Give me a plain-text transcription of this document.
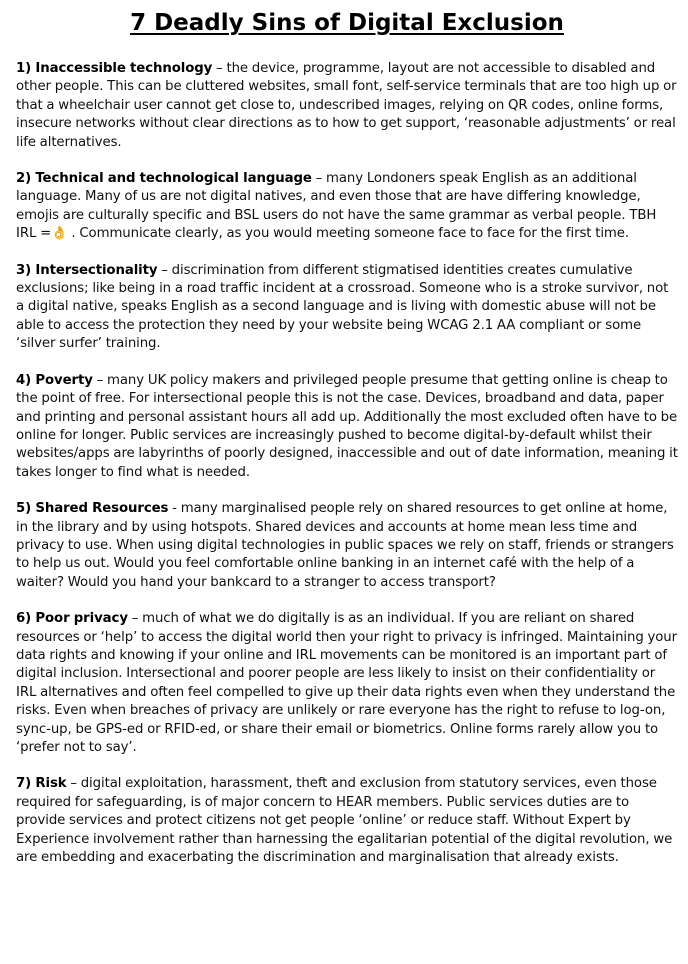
7 Deadly Sins of Digital Exclusion

1) Inaccessible technology – the device, programme, layout are not accessible to disabled and other people. This can be cluttered websites, small font, self-service terminals that are too high up or that a wheelchair user cannot get close to, undescribed images, relying on QR codes, online forms, insecure networks without clear directions as to how to get support, ‘reasonable adjustments’ or real life alternatives.

2) Technical and technological language – many Londoners speak English as an additional language. Many of us are not digital natives, and even those that are have differing knowledge, emojis are culturally specific and BSL users do not have the same grammar as verbal people. TBH IRL =👌 . Communicate clearly, as you would meeting someone face to face for the first time.

3) Intersectionality – discrimination from different stigmatised identities creates cumulative exclusions; like being in a road traffic incident at a crossroad. Someone who is a stroke survivor, not a digital native, speaks English as a second language and is living with domestic abuse will not be able to access the protection they need by your website being WCAG 2.1 AA compliant or some ‘silver surfer’ training.

4) Poverty – many UK policy makers and privileged people presume that getting online is cheap to the point of free. For intersectional people this is not the case. Devices, broadband and data, paper and printing and personal assistant hours all add up. Additionally the most excluded often have to be online for longer. Public services are increasingly pushed to become digital-by-default whilst their websites/apps are labyrinths of poorly designed, inaccessible and out of date information, meaning it takes longer to find what is needed.

5) Shared Resources - many marginalised people rely on shared resources to get online at home, in the library and by using hotspots. Shared devices and accounts at home mean less time and privacy to use. When using digital technologies in public spaces we rely on staff, friends or strangers to help us out. Would you feel comfortable online banking in an internet café with the help of a waiter? Would you hand your bankcard to a stranger to access transport?

6) Poor privacy – much of what we do digitally is as an individual. If you are reliant on shared resources or ‘help’ to access the digital world then your right to privacy is infringed. Maintaining your data rights and knowing if your online and IRL movements can be monitored is an important part of digital inclusion. Intersectional and poorer people are less likely to insist on their confidentiality or IRL alternatives and often feel compelled to give up their data rights even when they understand the risks. Even when breaches of privacy are unlikely or rare everyone has the right to refuse to log-on, sync-up, be GPS-ed or RFID-ed, or share their email or biometrics. Online forms rarely allow you to ‘prefer not to say’.

7) Risk – digital exploitation, harassment, theft and exclusion from statutory services, even those required for safeguarding, is of major concern to HEAR members. Public services duties are to provide services and protect citizens not get people ‘online’ or reduce staff. Without Expert by Experience involvement rather than harnessing the egalitarian potential of the digital revolution, we are embedding and exacerbating the discrimination and marginalisation that already exists.
